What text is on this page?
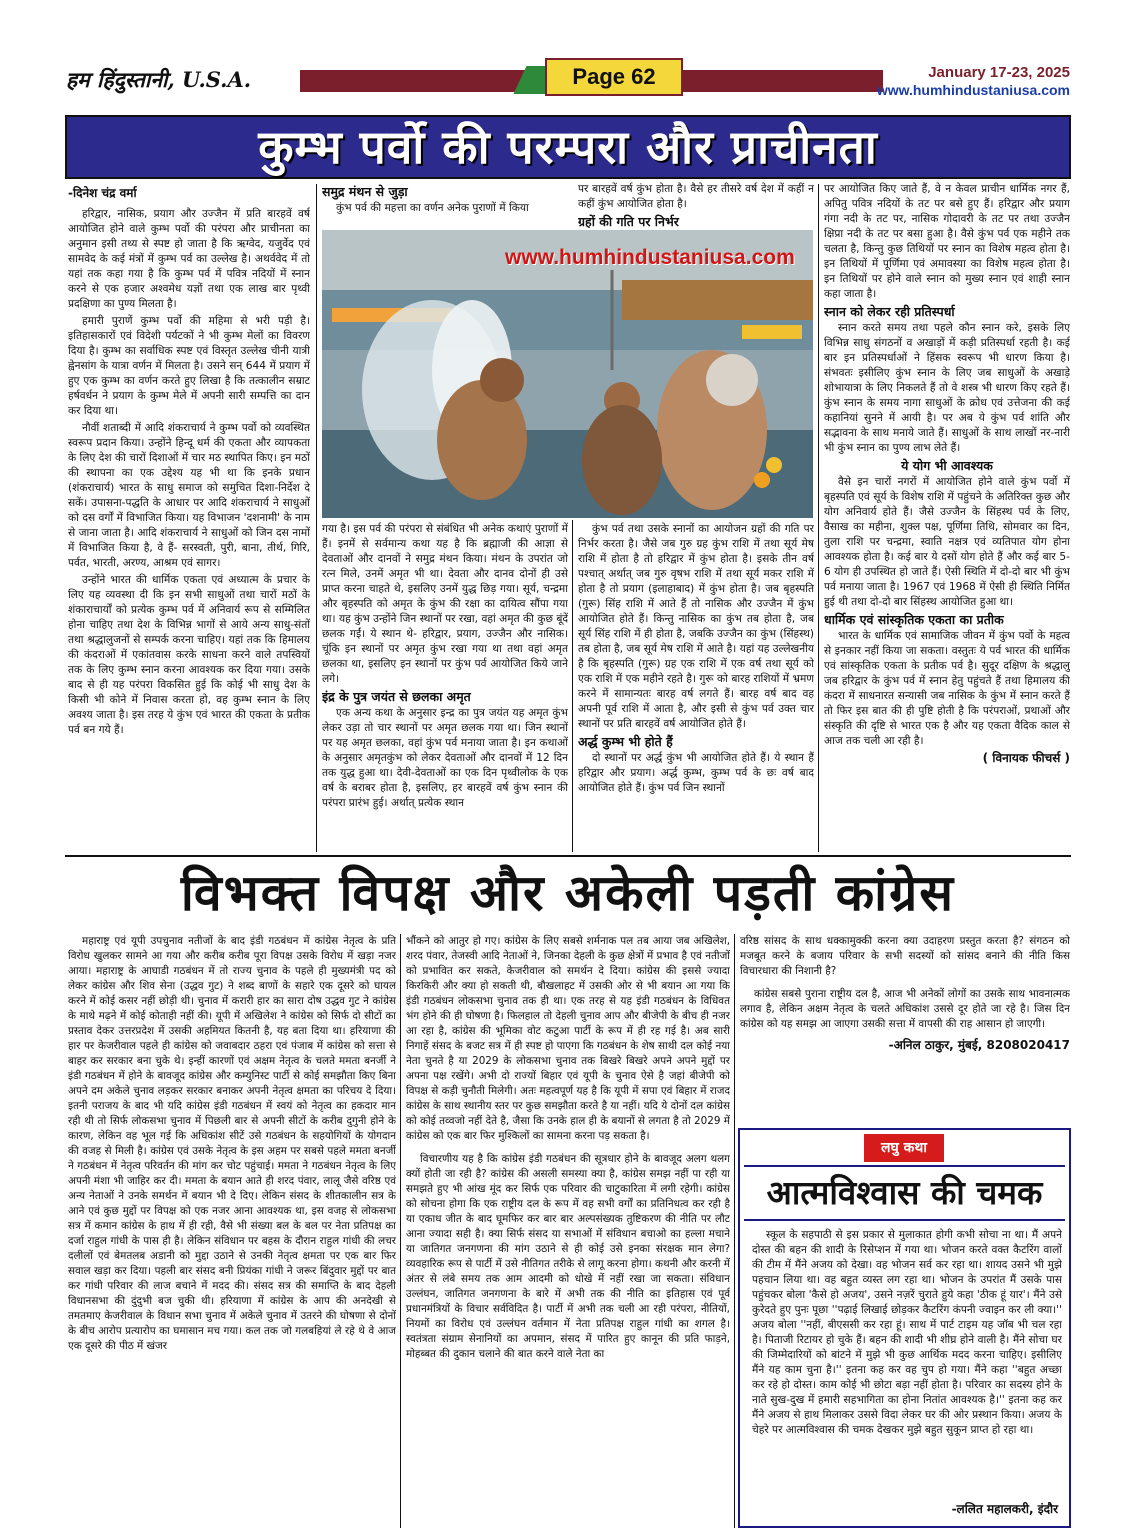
हम हिंदुस्तानी, U.S.A.	Page 62	January 17-23, 2025
www.humhindustaniusa.com
कुम्भ पर्वो की परम्परा और प्राचीनता
-दिनेश चंद्र वर्मा

हरिद्वार, नासिक, प्रयाग और उज्जैन में प्रति बारहवें वर्ष आयोजित होने वाले कुम्भ पर्वो की परंपरा और प्राचीनता का अनुमान इसी तथ्य से स्पष्ट हो जाता है कि ऋग्वेद, यजुर्वेद एवं सामवेद के कई मंत्रों में कुम्भ पर्व का उल्लेख है। अथर्ववेद में तो यहां तक कहा गया है कि कुम्भ पर्व में पवित्र नदियों में स्नान करने से एक हजार अश्वमेध यज्ञों तथा एक लाख बार पृथ्वी प्रदक्षिणा का पुण्य मिलता है।

हमारी पुराणें कुम्भ पर्वो की महिमा से भरी पड़ी है। इतिहासकारों एवं विदेशी पर्यटकों ने भी कुम्भ मेलों का विवरण दिया है। कुम्भ का सर्वाधिक स्पष्ट एवं विस्तृत उल्लेख चीनी यात्री ह्वेनसांग के यात्रा वर्णन में मिलता है। उसने सन् 644 में प्रयाग में हुए एक कुम्भ का वर्णन करते हुए लिखा है कि तत्कालीन सम्राट हर्षवर्धन ने प्रयाग के कुम्भ मेले में अपनी सारी सम्पत्ति का दान कर दिया था।

नौवीं शताब्दी में आदि शंकराचार्य ने कुम्भ पर्वो को व्यवस्थित स्वरूप प्रदान किया। उन्होंने हिन्दू धर्म की एकता और व्यापकता के लिए देश की चारों दिशाओं में चार मठ स्थापित किए। इन मठों की स्थापना का एक उद्देश्य यह भी था कि इनके प्रधान (शंकराचार्य) भारत के साधु समाज को समुचित दिशा-निर्देश दे सकें। उपासना-पद्धति के आधार पर आदि शंकराचार्य ने साधुओं को दस वर्गों में विभाजित किया। यह विभाजन 'दशनामी' के नाम से जाना जाता है। आदि शंकराचार्य ने साधुओं को जिन दस नामों में विभाजित किया है, वे हैं- सरस्वती, पुरी, बाना, तीर्थ, गिरि, पर्वत, भारती, अरण्य, आश्रम एवं सागर।

उन्होंने भारत की धार्मिक एकता एवं अध्यात्म के प्रचार के लिए यह व्यवस्था दी कि इन सभी साधुओं तथा चारों मठों के शंकाराचार्यों को प्रत्येक कुम्भ पर्व में अनिवार्य रूप से सम्मिलित होना चाहिए तथा देश के विभिन्न भागों से आये अन्य साधु-संतों तथा श्रद्धालुजनों से सम्पर्क करना चाहिए। यहां तक कि हिमालय की कंदराओं में एकांतवास करके साधना करने वाले तपस्वियों तक के लिए कुम्भ स्नान करना आवश्यक कर दिया गया। उसके बाद से ही यह परंपरा विकसित हुई कि कोई भी साधु देश के किसी भी कोने में निवास करता हो, वह कुम्भ स्नान के लिए अवश्य जाता है। इस तरह ये कुंभ एवं भारत की एकता के प्रतीक पर्व बन गये हैं।

समुद्र मंथन से जुड़ा

कुंभ पर्व की महत्ता का वर्णन अनेक पुराणों में किया

पर बारहवें वर्ष कुंभ होता है। वैसे हर तीसरे वर्ष देश में कहीं न कहीं कुंभ आयोजित होता है।

ग्रहों की गति पर निर्भर
www.humhindustaniusa.com

गया है। इस पर्व की परंपरा से संबंधित भी अनेक कथाएं पुराणों में हैं। इनमें से सर्वमान्य कथा यह है कि ब्रह्माजी की आज्ञा से देवताओं और दानवों ने समुद्र मंथन किया। मंथन के उपरांत जो रत्न मिले, उनमें अमृत भी था। देवता और दानव दोनों ही उसे प्राप्त करना चाहते थे, इसलिए उनमें युद्ध छिड़ गया। सूर्य, चन्द्रमा और बृहस्पति को अमृत के कुंभ की रक्षा का दायित्व सौंपा गया था। यह कुंभ उन्होंने जिन स्थानों पर रखा, वहां अमृत की कुछ बूंदें छलक गईं। ये स्थान थे- हरिद्वार, प्रयाग, उज्जैन और नासिक। चूंकि इन स्थानों पर अमृत कुंभ रखा गया था तथा वहां अमृत छलका था, इसलिए इन स्थानों पर कुंभ पर्व आयोजित किये जाने लगे।

इंद्र के पुत्र जयंत से छलका अमृत

एक अन्य कथा के अनुसार इन्द्र का पुत्र जयंत यह अमृत कुंभ लेकर उड़ा तो चार स्थानों पर अमृत छलक गया था। जिन स्थानों पर यह अमृत छलका, वहां कुंभ पर्व मनाया जाता है। इन कथाओं के अनुसार अमृतकुंभ को लेकर देवताओं और दानवों में 12 दिन तक युद्ध हुआ था। देवी-देवताओं का एक दिन पृथ्वीलोक के एक वर्ष के बराबर होता है, इसलिए, हर बारहवें वर्ष कुंभ स्नान की परंपरा प्रारंभ हुई। अर्थात् प्रत्येक स्थान

कुंभ पर्व तथा उसके स्नानों का आयोजन ग्रहों की गति पर निर्भर करता है। जैसे जब गुरु ग्रह कुंभ राशि में तथा सूर्य मेष राशि में होता है तो हरिद्वार में कुंभ होता है। इसके तीन वर्ष पश्चात् अर्थात् जब गुरु वृषभ राशि में तथा सूर्य मकर राशि में होता है तो प्रयाग (इलाहाबाद) में कुंभ होता है। जब बृहस्पति (गुरू) सिंह राशि में आते हैं तो नासिक और उज्जैन में कुंभ आयोजित होते हैं। किन्तु नासिक का कुंभ तब होता है, जब सूर्य सिंह राशि में ही होता है, जबकि उज्जैन का कुंभ (सिंहस्थ) तब होता है, जब सूर्य मेष राशि में आते है। यहां यह उल्लेखनीय है कि बृहस्पति (गुरू) ग्रह एक राशि में एक वर्ष तथा सूर्य को एक राशि में एक महीने रहते है। गुरू को बारह राशियों में भ्रमण करने में सामान्यतः बारह वर्ष लगते हैं। बारह वर्ष बाद वह अपनी पूर्व राशि में आता है, और इसी से कुंभ पर्व उक्त चार स्थानों पर प्रति बारहवें वर्ष आयोजित होते हैं।

अर्द्ध कुम्भ भी होते हैं

दो स्थानों पर अर्द्ध कुंभ भी आयोजित होते हैं। ये स्थान हैं हरिद्वार और प्रयाग। अर्द्ध कुम्भ, कुम्भ पर्व के छः वर्ष बाद आयोजित होते हैं। कुंभ पर्व जिन स्थानों

पर आयोजित किए जाते हैं, वे न केवल प्राचीन धार्मिक नगर हैं, अपितु पवित्र नदियों के तट पर बसे हुए हैं। हरिद्वार और प्रयाग गंगा नदी के तट पर, नासिक गोदावरी के तट पर तथा उज्जैन क्षिप्रा नदी के तट पर बसा हुआ है। वैसे कुंभ पर्व एक महीने तक चलता है, किन्तु कुछ तिथियों पर स्नान का विशेष महत्व होता है। इन तिथियों में पूर्णिमा एवं अमावस्या का विशेष महत्व होता है। इन तिथियों पर होने वाले स्नान को मुख्य स्नान एवं शाही स्नान कहा जाता है।

स्नान को लेकर रही प्रतिस्पर्धा

स्नान करते समय तथा पहले कौन स्नान करे, इसके लिए विभिन्न साधु संगठनों व अखाड़ों में कड़ी प्रतिस्पर्धा रहती है। कई बार इन प्रतिस्पर्धाओं ने हिंसक स्वरूप भी धारण किया है। संभवतः इसीलिए कुंभ स्नान के लिए जब साधुओं के अखाड़े शोभायात्रा के लिए निकलते हैं तो वे शस्त्र भी धारण किए रहते हैं। कुंभ स्नान के समय नागा साधुओं के क्रोध एवं उत्तेजना की कई कहानियां सुनने में आयी है। पर अब ये कुंभ पर्व शांति और सद्भावना के साथ मनाये जाते हैं। साधुओं के साथ लाखों नर-नारी भी कुंभ स्नान का पुण्य लाभ लेते हैं।

ये योग भी आवश्यक

वैसे इन चारों नगरों में आयोजित होने वाले कुंभ पर्वो में बृहस्पति एवं सूर्य के विशेष राशि में पहुंचने के अतिरिक्त कुछ और योग अनिवार्य होते हैं। जैसे उज्जैन के सिंहस्थ पर्व के लिए, वैसाख का महीना, शुक्ल पक्ष, पूर्णिमा तिथि, सोमवार का दिन, तुला राशि पर चन्द्रमा, स्वाति नक्षत्र एवं व्यतिपात योग होना आवश्यक होता है। कई बार ये दसों योग होते हैं और कई बार 5-6 योग ही उपस्थित हो जाते हैं। ऐसी स्थिति में दो-दो बार भी कुंभ पर्व मनाया जाता है। 1967 एवं 1968 में ऐसी ही स्थिति निर्मित हुई थी तथा दो-दो बार सिंहस्थ आयोजित हुआ था।

धार्मिक एवं सांस्कृतिक एकता का प्रतीक

भारत के धार्मिक एवं सामाजिक जीवन में कुंभ पर्वो के महत्व से इनकार नहीं किया जा सकता। वस्तुतः ये पर्व भारत की धार्मिक एवं सांस्कृतिक एकता के प्रतीक पर्व है। सुदूर दक्षिण के श्रद्धालु जब हरिद्वार के कुंभ पर्व में स्नान हेतु पहुंचते हैं तथा हिमालय की कंदरा में साधनारत सन्यासी जब नासिक के कुंभ में स्नान करते हैं तो फिर इस बात की ही पुष्टि होती है कि परंपराओं, प्रथाओं और संस्कृति की दृष्टि से भारत एक है और यह एकता वैदिक काल से आज तक चली आ रही है।

( विनायक फीचर्स )
विभक्त विपक्ष और अकेली पड़ती कांग्रेस

महाराष्ट्र एवं यूपी उपचुनाव नतीजों के बाद इंडी गठबंधन में कांग्रेस नेतृत्व के प्रति विरोध खुलकर सामने आ गया और करीब करीब पूरा विपक्ष उसके विरोध में खड़ा नजर आया। महाराष्ट्र के आघाडी गठबंधन में तो राज्य चुनाव के पहले ही मुख्यमंत्री पद को लेकर कांग्रेस और शिव सेना (उद्धव गुट) ने शब्द बाणों के सहारे एक दूसरे को घायल करने में कोई कसर नहीं छोड़ी थी। चुनाव में करारी हार का सारा दोष उद्धव गुट ने कांग्रेस के माथे मढ़ने में कोई कोताही नहीं की। यूपी में अखिलेश ने कांग्रेस को सिर्फ दो सीटों का प्रस्ताव देकर उत्तरप्रदेश में उसकी अहमियत कितनी है, यह बता दिया था। हरियाणा की हार पर केजरीवाल पहले ही कांग्रेस को जवाबदार ठहरा एवं पंजाब में कांग्रेस को सत्ता से बाहर कर सरकार बना चुके थे। इन्हीं कारणों एवं अक्षम नेतृत्व के चलते ममता बनर्जी ने इंडी गठबंधन में होने के बावजूद कांग्रेस और कम्युनिस्ट पार्टी से कोई समझौता किए बिना अपने दम अकेले चुनाव लड़कर सरकार बनाकर अपनी नेतृत्व क्षमता का परिचय दे दिया। इतनी पराजय के बाद भी यदि कांग्रेस इंडी गठबंधन में स्वयं को नेतृत्व का हकदार मान रही थी तो सिर्फ लोकसभा चुनाव में पिछली बार से अपनी सीटों के करीब दुगुनी होने के कारण, लेकिन वह भूल गई कि अधिकांश सीटें उसे गठबंधन के सहयोगियों के योगदान की वजह से मिली है। कांग्रेस एवं उसके नेतृत्व के इस अहम पर सबसे पहले ममता बनर्जी ने गठबंधन में नेतृत्व परिवर्तन की मांग कर चोट पहुंचाई। ममता ने गठबंधन नेतृत्व के लिए अपनी मंशा भी जाहिर कर दी। ममता के बयान आते ही शरद पंवार, लालू जैसे वरिष्ठ एवं अन्य नेताओं ने उनके समर्थन में बयान भी दे दिए। लेकिन संसद के शीतकालीन सत्र के आने एवं कुछ मुद्दों पर विपक्ष को एक नजर आना आवश्यक था, इस वजह से लोकसभा सत्र में कमान कांग्रेस के हाथ में ही रही, वैसे भी संख्या बल के बल पर नेता प्रतिपक्ष का दर्जा राहुल गांधी के पास ही है। लेकिन संविधान पर बहस के दौरान राहुल गांधी की लचर दलीलों एवं बेमतलब अडानी को मुद्दा उठाने से उनकी नेतृत्व क्षमता पर एक बार फिर सवाल खड़ा कर दिया। पहली बार संसद बनी प्रियंका गांधी ने जरूर बिंदुवार मुद्दों पर बात कर गांधी परिवार की लाज बचाने में मदद की। संसद सत्र की समाप्ति के बाद देहली विधानसभा की दुंदुभी बज चुकी थी। हरियाणा में कांग्रेस के आप की अनदेखी से तमतमाए केजरीवाल के विधान सभा चुनाव में अकेले चुनाव में उतरने की घोषणा से दोनों के बीच आरोप प्रत्यारोप का घमासान मच गया। कल तक जो गलबहियां ले रहे थे वे आज एक दूसरे की पीठ में खंजर

भौंकने को आतुर हो गए। कांग्रेस के लिए सबसे शर्मनाक पल तब आया जब अखिलेश, शरद पंवार, तेजस्वी आदि नेताओं ने, जिनका देहली के कुछ क्षेत्रों में प्रभाव है एवं नतीजों को प्रभावित कर सकते, केजरीवाल को समर्थन दे दिया। कांग्रेस की इससे ज्यादा किरकिरी और क्या हो सकती थी, बौखलाहट में उसकी ओर से भी बयान आ गया कि इंडी गठबंधन लोकसभा चुनाव तक ही था। एक तरह से यह इंडी गठबंधन के विधिवत भंग होने की ही घोषणा है। फिलहाल तो देहली चुनाव आप और बीजेपी के बीच ही नजर आ रहा है, कांग्रेस की भूमिका वोट कटुआ पार्टी के रूप में ही रह गई है। अब सारी निगाहें संसद के बजट सत्र में ही स्पष्ट हो पाएगा कि गठबंधन के शेष साथी दल कोई नया नेता चुनते है या 2029 के लोकसभा चुनाव तक बिखरे बिखरे अपने अपने मुद्दों पर अपना पक्ष रखेंगे। अभी दो राज्यों बिहार एवं यूपी के चुनाव ऐसे है जहां बीजेपी को विपक्ष से कड़ी चुनौती मिलेगी। अतः महत्वपूर्ण यह है कि यूपी में सपा एवं बिहार में राजद कांग्रेस के साथ स्थानीय स्तर पर कुछ समझौता करते है या नहीं। यदि ये दोनों दल कांग्रेस को कोई तव्वजो नहीं देते है, जैसा कि उनके हाल ही के बयानों से लगता है तो 2029 में कांग्रेस को एक बार फिर मुश्किलों का सामना करना पड़ सकता है।

विचारणीय यह है कि कांग्रेस इंडी गठबंधन की सूत्रधार होने के बावजूद अलग थलग क्यों होती जा रही है? कांग्रेस की असली समस्या क्या है, कांग्रेस समझ नहीं पा रही या समझते हुए भी आंख मूंद कर सिर्फ एक परिवार की चाटुकारिता में लगी रहेगी। कांग्रेस को सोचना होगा कि एक राष्ट्रीय दल के रूप में वह सभी वर्गों का प्रतिनिधत्व कर रही है या एकाध जीत के बाद घूमफिर कर बार बार अल्पसंख्यक तुष्टिकरण की नीति पर लौट आना ज्यादा सही है। क्या सिर्फ संसद या सभाओं में संविधान बचाओ का हल्ला मचाने या जातिगत जनगणना की मांग उठाने से ही कोई उसे इनका संरक्षक मान लेगा? व्यवहारिक रूप से पार्टी में उसे नीतिगत तरीके से लागू करना होगा। कथनी और करनी में अंतर से लंबे समय तक आम आदमी को धोखे में नहीं रखा जा सकता। संविधान उल्लंघन, जातिगत जनगणना के बारे में अभी तक की नीति का इतिहास एवं पूर्व प्रधानमंत्रियों के विचार सर्वविदित है। पार्टी में अभी तक चली आ रही परंपरा, नीतियों, नियमों का विरोध एवं उल्लंघन वर्तमान में नेता प्रतिपक्ष राहुल गांधी का शगल है। स्वतंत्रता संग्राम सेनानियों का अपमान, संसद में पारित हुए कानून की प्रति फाड़ने, मोहब्बत की दुकान चलाने की बात करने वाले नेता का

वरिष्ठ सांसद के साथ धक्कामुक्की करना क्या उदाहरण प्रस्तुत करता है? संगठन को मजबूत करने के बजाय परिवार के सभी सदस्यों को सांसद बनाने की नीति किस विचारधारा की निशानी है?

कांग्रेस सबसे पुराना राष्ट्रीय दल है, आज भी अनेकों लोगों का उसके साथ भावनात्मक लगाव है, लेकिन अक्षम नेतृत्व के चलते अधिकांश उससे दूर होते जा रहे है। जिस दिन कांग्रेस को यह समझ आ जाएगा उसकी सत्ता में वापसी की राह आसान हो जाएगी।

-अनिल ठाकुर, मुंबई, 8208020417
लघु कथा
आत्मविश्वास की चमक

स्कूल के सहपाठी से इस प्रकार से मुलाकात होगी कभी सोचा ना था। मैं अपने दोस्त की बहन की शादी के रिसेप्शन में गया था। भोजन करते वक्त कैटरिंग वालों की टीम में मैंने अजय को देखा। वह भोजन सर्व कर रहा था। शायद उसने भी मुझे पहचान लिया था। वह बहुत व्यस्त लग रहा था। भोजन के उपरांत मैं उसके पास पहुंचकर बोला 'कैसे हो अजय', उसने नज़रें चुराते हुये कहा 'ठीक हूं यार'। मैंने उसे कुरेदते हुए पुनः पूछा ''पढ़ाई लिखाई छोड़कर कैटरिंग कंपनी ज्वाइन कर ली क्या।'' अजय बोला ''नहीं, बीएससी कर रहा हूं। साथ में पार्ट टाइम यह जॉब भी चल रहा है। पिताजी रिटायर हो चुके हैं। बहन की शादी भी शीघ्र होने वाली है। मैंने सोचा घर की जिम्मेदारियों को बांटने में मुझे भी कुछ आर्थिक मदद करना चाहिए। इसीलिए मैंने यह काम चुना है।'' इतना कह कर वह चुप हो गया। मैंने कहा ''बहुत अच्छा कर रहे हो दोस्त। काम कोई भी छोटा बड़ा नहीं होता है। परिवार का सदस्य होने के नाते सुख-दुख में हमारी सहभागिता का होना नितांत आवश्यक है।'' इतना कह कर मैंने अजय से हाथ मिलाकर उससे विदा लेकर घर की ओर प्रस्थान किया। अजय के चेहरे पर आत्मविश्वास की चमक देखकर मुझे बहुत सुकून प्राप्त हो रहा था।

-ललित महालकरी, इंदौर
